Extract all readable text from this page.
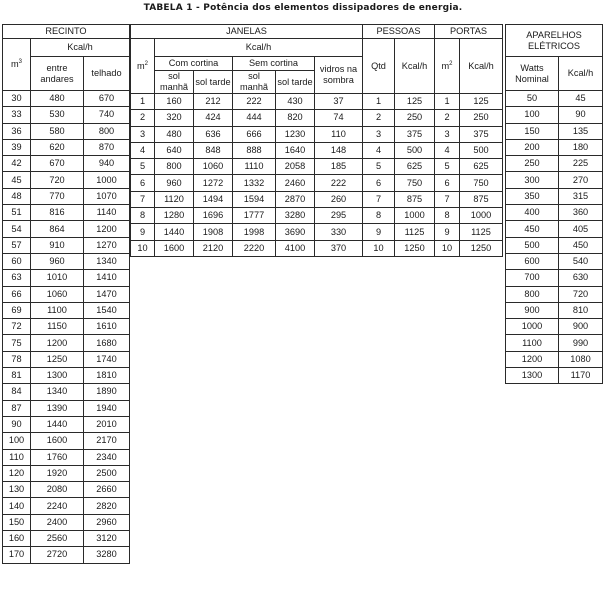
TABELA 1 - Potência dos elementos dissipadores de energia.
RECINTO		
$m^3$	Kcal/h	
	entre andares	telhado

30	480	670
33	530	740
36	580	800
39	620	870
42	670	940
45	720	1000
48	770	1070
51	816	1140
54	864	1200
57	910	1270
60	960	1340
63	1010	1410
66	1060	1470
69	1100	1540
72	1150	1610
75	1200	1680
78	1250	1740
81	1300	1810
84	1340	1890
87	1390	1940
90	1440	2010
100	1600	2170
110	1760	2340
120	1920	2500
130	2080	2660
140	2240	2820
150	2400	2960
160	2560	3120
170	2720	3280
JANELAS						PESSOAS		PORTAS	
$m^2$	Kcal/h					Qtd	Kcal/h	$m^2$	Kcal/h
	Com cortina		Sem cortina		vidros na sombra				
	sol manhã	sol tarde	sol manhã	sol tarde					
1	160	212	222	430	37	1	125	1	125
2	320	424	444	820	74	2	250	2	250
3	480	636	666	1230	110	3	375	3	375
4	640	848	888	1640	148	4	500	4	500
5	800	1060	1110	2058	185	5	625	5	625
6	960	1272	1332	2460	222	6	750	6	750
7	1120	1494	1594	2870	260	7	875	7	875
8	1280	1696	1777	3280	295	8	1000	8	1000
9	1440	1908	1998	3690	330	9	1125	9	1125
10	1600	2120	2220	4100	370	10	1250	10	1250
APARELHOS ELÉTRICOS	
Watts Nominal	Kcal/h
50	45
100	90
150	135
200	180
250	225
300	270
350	315
400	360
450	405
500	450
600	540
700	630
800	720
900	810
1000	900
1100	990
1200	1080
1300	1170
